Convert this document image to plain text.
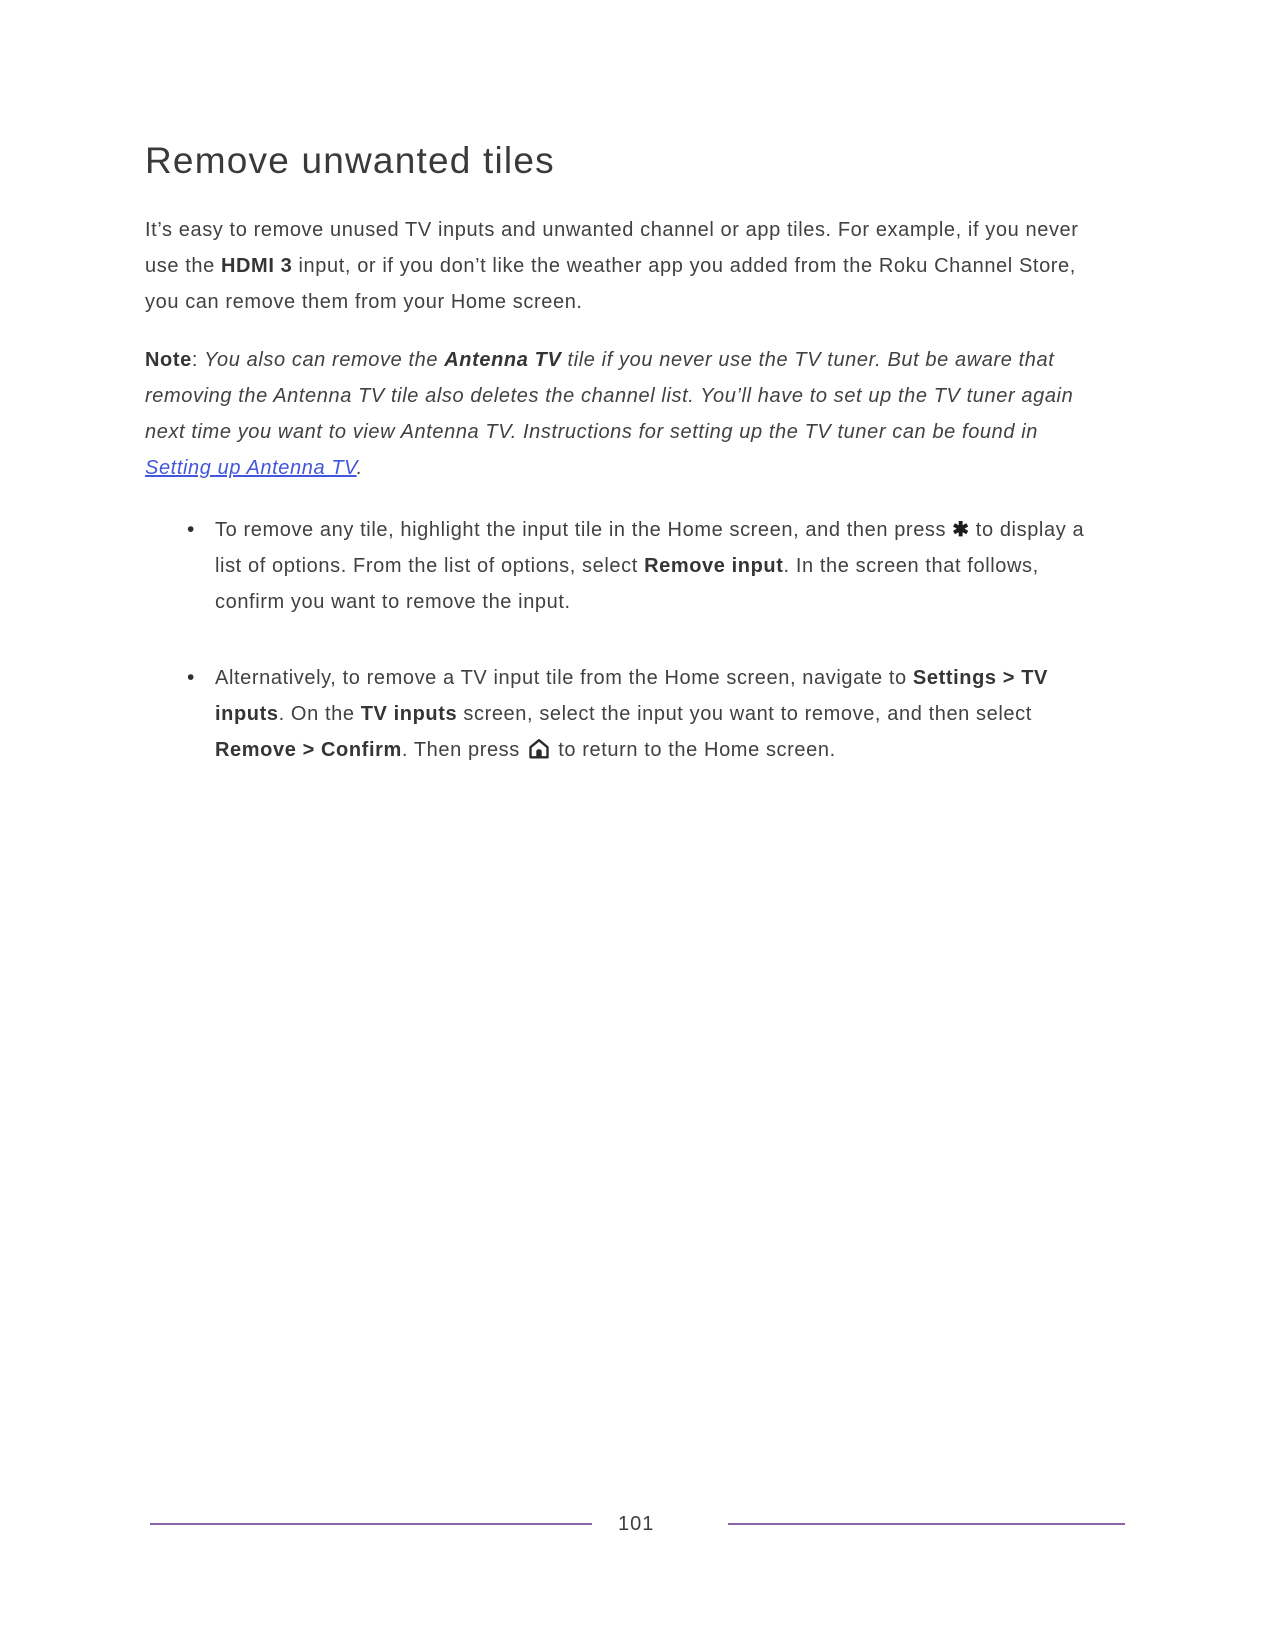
Remove unwanted tiles

It’s easy to remove unused TV inputs and unwanted channel or app tiles. For example, if you never use the HDMI 3 input, or if you don’t like the weather app you added from the Roku Channel Store, you can remove them from your Home screen.

Note: You also can remove the Antenna TV tile if you never use the TV tuner. But be aware that removing the Antenna TV tile also deletes the channel list. You’ll have to set up the TV tuner again next time you want to view Antenna TV. Instructions for setting up the TV tuner can be found in Setting up Antenna TV.

• To remove any tile, highlight the input tile in the Home screen, and then press ✱ to display a list of options. From the list of options, select Remove input. In the screen that follows, confirm you want to remove the input.
• Alternatively, to remove a TV input tile from the Home screen, navigate to Settings > TV inputs. On the TV inputs screen, select the input you want to remove, and then select Remove > Confirm. Then press  to return to the Home screen.
101
